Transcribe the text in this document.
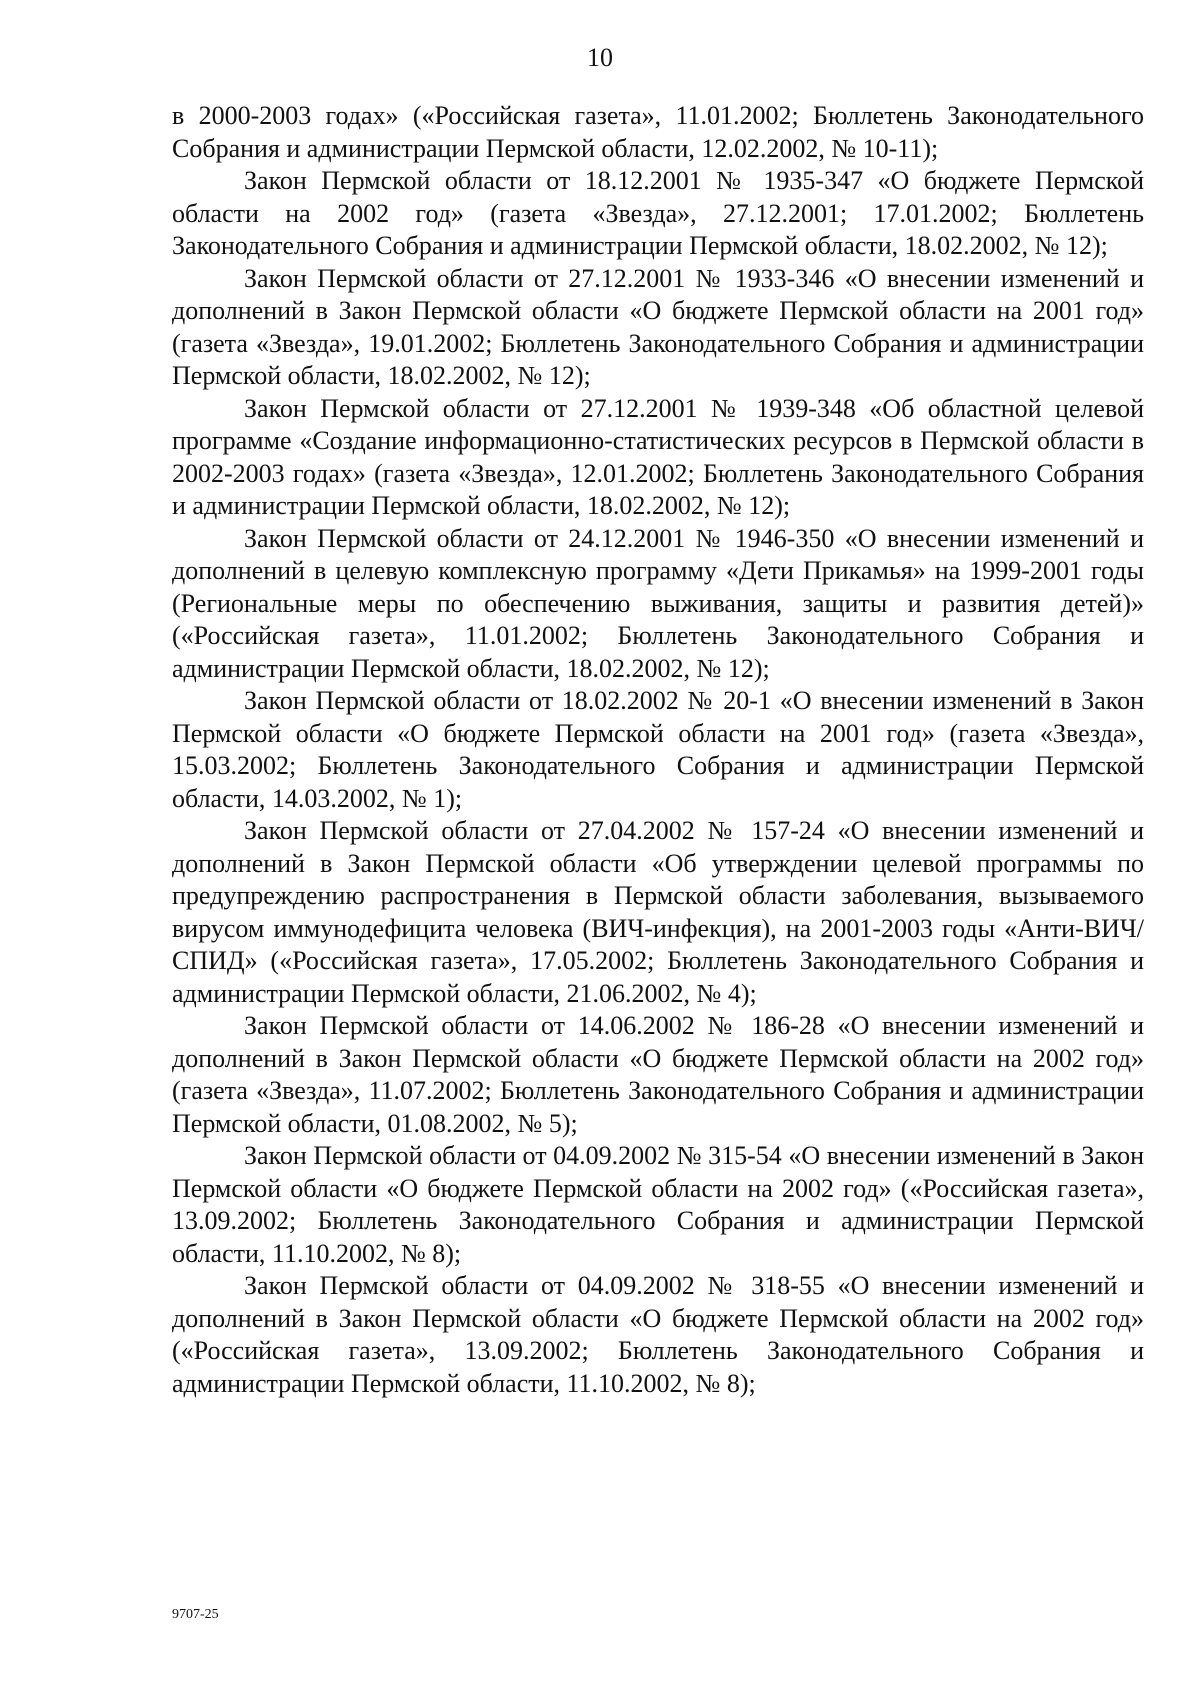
10

в 2000-2003 годах» («Российская газета», 11.01.2002; Бюллетень Законодательного Собрания и администрации Пермской области, 12.02.2002, № 10-11);

Закон Пермской области от 18.12.2001 № 1935-347 «О бюджете Пермской области на 2002 год» (газета «Звезда», 27.12.2001; 17.01.2002; Бюллетень Законодательного Собрания и администрации Пермской области, 18.02.2002, № 12);

Закон Пермской области от 27.12.2001 № 1933-346 «О внесении изменений и дополнений в Закон Пермской области «О бюджете Пермской области на 2001 год» (газета «Звезда», 19.01.2002; Бюллетень Законодательного Собрания и администрации Пермской области, 18.02.2002, № 12);

Закон Пермской области от 27.12.2001 № 1939-348 «Об областной целевой программе «Создание информационно-статистических ресурсов в Пермской области в 2002-2003 годах» (газета «Звезда», 12.01.2002; Бюллетень Законодательного Собрания и администрации Пермской области, 18.02.2002, № 12);

Закон Пермской области от 24.12.2001 № 1946-350 «О внесении изменений и дополнений в целевую комплексную программу «Дети Прикамья» на 1999-2001 годы (Региональные меры по обеспечению выживания, защиты и развития детей)» («Российская газета», 11.01.2002; Бюллетень Законодательного Собрания и администрации Пермской области, 18.02.2002, № 12);

Закон Пермской области от 18.02.2002 № 20-1 «О внесении изменений в Закон Пермской области «О бюджете Пермской области на 2001 год» (газета «Звезда», 15.03.2002; Бюллетень Законодательного Собрания и администрации Пермской области, 14.03.2002, № 1);

Закон Пермской области от 27.04.2002 № 157-24 «О внесении изменений и дополнений в Закон Пермской области «Об утверждении целевой программы по предупреждению распространения в Пермской области заболевания, вызываемого вирусом иммунодефицита человека (ВИЧ-инфекция), на 2001-2003 годы «Анти-ВИЧ/СПИД» («Российская газета», 17.05.2002; Бюллетень Законодательного Собрания и администрации Пермской области, 21.06.2002, № 4);

Закон Пермской области от 14.06.2002 № 186-28 «О внесении изменений и дополнений в Закон Пермской области «О бюджете Пермской области на 2002 год» (газета «Звезда», 11.07.2002; Бюллетень Законодательного Собрания и администрации Пермской области, 01.08.2002, № 5);

Закон Пермской области от 04.09.2002 № 315-54 «О внесении изменений в Закон Пермской области «О бюджете Пермской области на 2002 год» («Российская газета», 13.09.2002; Бюллетень Законодательного Собрания и администрации Пермской области, 11.10.2002, № 8);

Закон Пермской области от 04.09.2002 № 318-55 «О внесении изменений и дополнений в Закон Пермской области «О бюджете Пермской области на 2002 год» («Российская газета», 13.09.2002; Бюллетень Законодательного Собрания и администрации Пермской области, 11.10.2002, № 8);

9707-25
